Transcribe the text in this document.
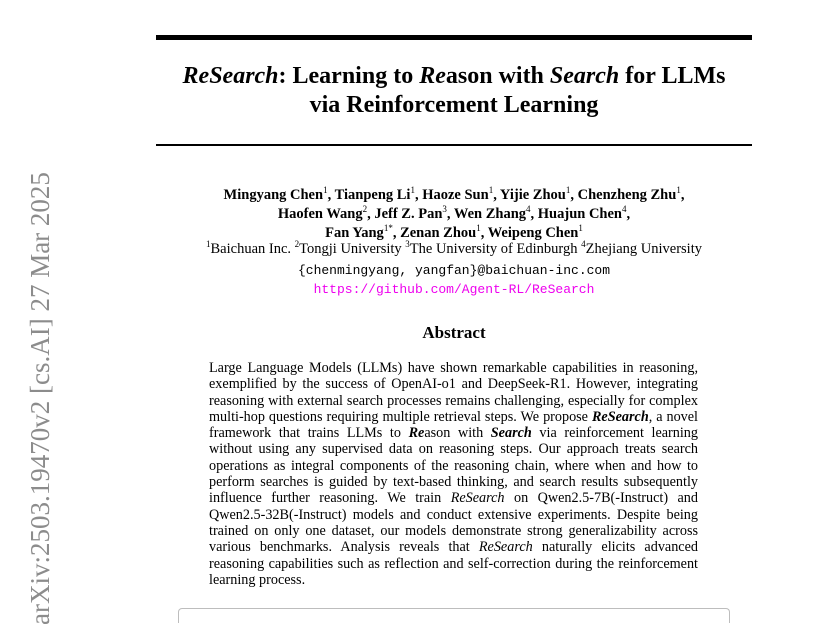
ReSearch: Learning to Reason with Search for LLMs
via Reinforcement Learning
Mingyang Chen$^1$, Tianpeng Li$^1$, Haoze Sun$^1$, Yijie Zhou$^1$, Chenzheng Zhu$^1$,
Haofen Wang$^2$, Jeff Z. Pan$^3$, Wen Zhang$^4$, Huajun Chen$^4$,
Fan Yang$^{1*}$, Zenan Zhou$^1$, Weipeng Chen$^1$
$^1$Baichuan Inc. $^2$Tongji University $^3$The University of Edinburgh $^4$Zhejiang University
{chenmingyang, yangfan}@baichuan-inc.com
https://github.com/Agent-RL/ReSearch
Abstract
Large Language Models (LLMs) have shown remarkable capabilities in reasoning, exemplified by the success of OpenAI-o1 and DeepSeek-R1. However, integrating reasoning with external search processes remains challenging, especially for complex multi-hop questions requiring multiple retrieval steps. We propose ReSearch, a novel framework that trains LLMs to Reason with Search via reinforcement learning without using any supervised data on reasoning steps. Our approach treats search operations as integral components of the reasoning chain, where when and how to perform searches is guided by text-based thinking, and search results subsequently influence further reasoning. We train ReSearch on Qwen2.5-7B(-Instruct) and Qwen2.5-32B(-Instruct) models and conduct extensive experiments. Despite being trained on only one dataset, our models demonstrate strong generalizability across various benchmarks. Analysis reveals that ReSearch naturally elicits advanced reasoning capabilities such as reflection and self-correction during the reinforcement learning process.
arXiv:2503.19470v2 [cs.AI] 27 Mar 2025
